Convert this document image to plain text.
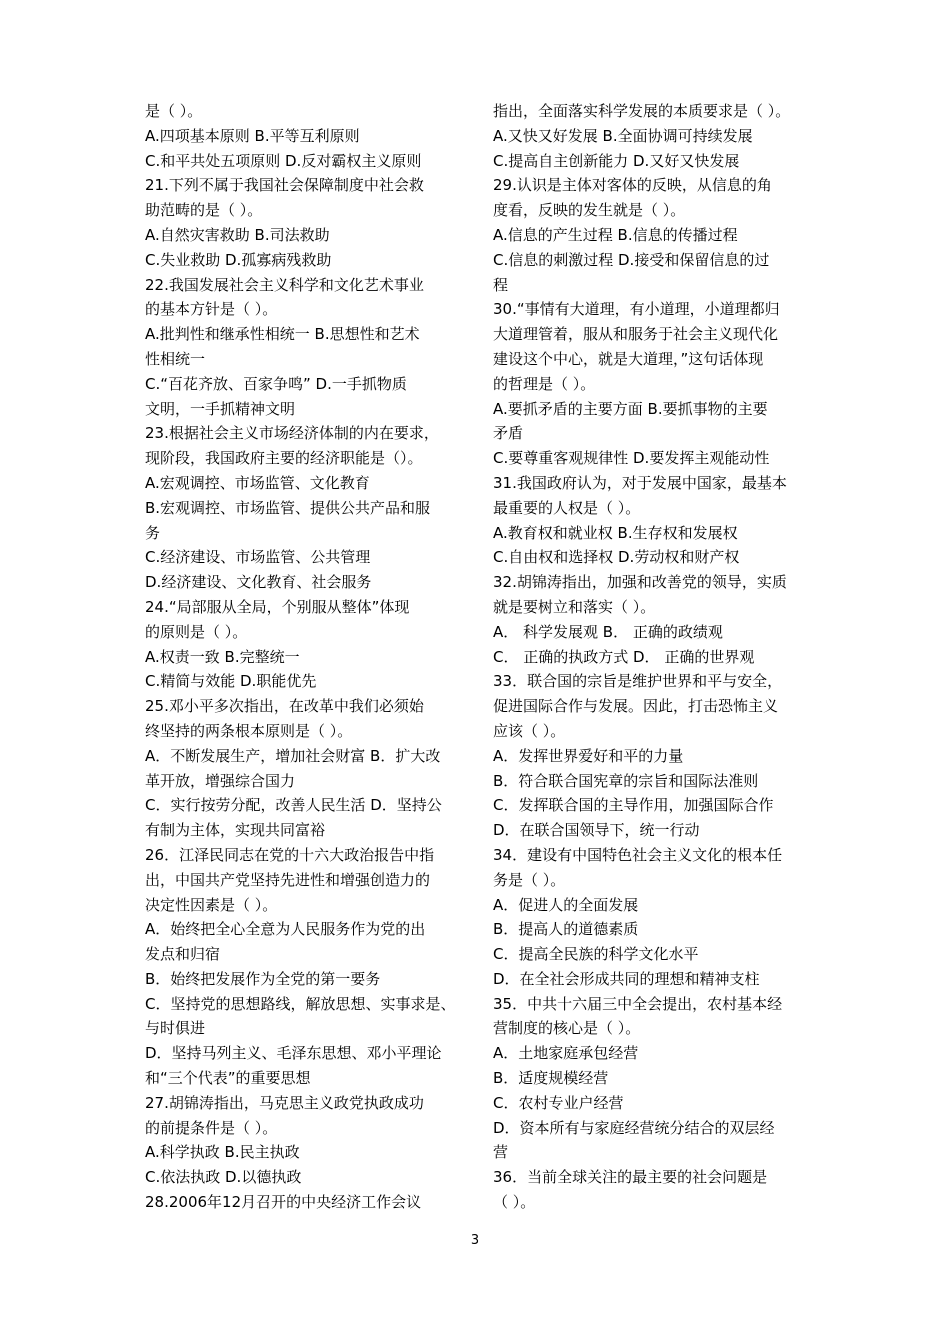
是（ ）。
A.四项基本原则 B.平等互利原则
C.和平共处五项原则 D.反对霸权主义原则
21.下列不属于我国社会保障制度中社会救
助范畴的是（ ）。
A.自然灾害救助 B.司法救助
C.失业救助 D.孤寡病残救助
22.我国发展社会主义科学和文化艺术事业
的基本方针是（ ）。
A.批判性和继承性相统一 B.思想性和艺术
性相统一
C.“百花齐放、百家争鸣” D.一手抓物质
文明，一手抓精神文明
23.根据社会主义市场经济体制的内在要求，
现阶段，我国政府主要的经济职能是（）。
A.宏观调控、市场监管、文化教育
B.宏观调控、市场监管、提供公共产品和服
务
C.经济建设、市场监管、公共管理
D.经济建设、文化教育、社会服务
24.“局部服从全局，个别服从整体”体现
的原则是（ ）。
A.权责一致 B.完整统一
C.精简与效能 D.职能优先
25.邓小平多次指出，在改革中我们必须始
终坚持的两条根本原则是（ ）。
A．不断发展生产，增加社会财富 B．扩大改
革开放，增强综合国力
C．实行按劳分配，改善人民生活 D．坚持公
有制为主体，实现共同富裕
26．江泽民同志在党的十六大政治报告中指
出，中国共产党坚持先进性和增强创造力的
决定性因素是（ ）。
A．始终把全心全意为人民服务作为党的出
发点和归宿
B．始终把发展作为全党的第一要务
C．坚持党的思想路线，解放思想、实事求是、
与时俱进
D．坚持马列主义、毛泽东思想、邓小平理论
和“三个代表”的重要思想
27.胡锦涛指出，马克思主义政党执政成功
的前提条件是（ ）。
A.科学执政 B.民主执政
C.依法执政 D.以德执政
28.2006年12月召开的中央经济工作会议
指出，全面落实科学发展的本质要求是（ ）。
A.又快又好发展 B.全面协调可持续发展
C.提高自主创新能力 D.又好又快发展
29.认识是主体对客体的反映，从信息的角
度看，反映的发生就是（ ）。
A.信息的产生过程 B.信息的传播过程
C.信息的刺激过程 D.接受和保留信息的过
程
30.“事情有大道理，有小道理，小道理都归
大道理管着，服从和服务于社会主义现代化
建设这个中心，就是大道理，”这句话体现
的哲理是（ ）。
A.要抓矛盾的主要方面 B.要抓事物的主要
矛盾
C.要尊重客观规律性 D.要发挥主观能动性
31.我国政府认为，对于发展中国家，最基本
最重要的人权是（ ）。
A.教育权和就业权 B.生存权和发展权
C.自由权和选择权 D.劳动权和财产权
32.胡锦涛指出，加强和改善党的领导，实质
就是要树立和落实（ ）。
A． 科学发展观 B． 正确的政绩观
C． 正确的执政方式 D． 正确的世界观
33．联合国的宗旨是维护世界和平与安全，
促进国际合作与发展。因此，打击恐怖主义
应该（ ）。
A．发挥世界爱好和平的力量
B．符合联合国宪章的宗旨和国际法准则
C．发挥联合国的主导作用，加强国际合作
D．在联合国领导下，统一行动
34．建设有中国特色社会主义文化的根本任
务是（ ）。
A．促进人的全面发展
B．提高人的道德素质
C．提高全民族的科学文化水平
D．在全社会形成共同的理想和精神支柱
35．中共十六届三中全会提出，农村基本经
营制度的核心是（ ）。
A．土地家庭承包经营
B．适度规模经营
C．农村专业户经营
D．资本所有与家庭经营统分结合的双层经
营
36．当前全球关注的最主要的社会问题是
（ ）。
3
